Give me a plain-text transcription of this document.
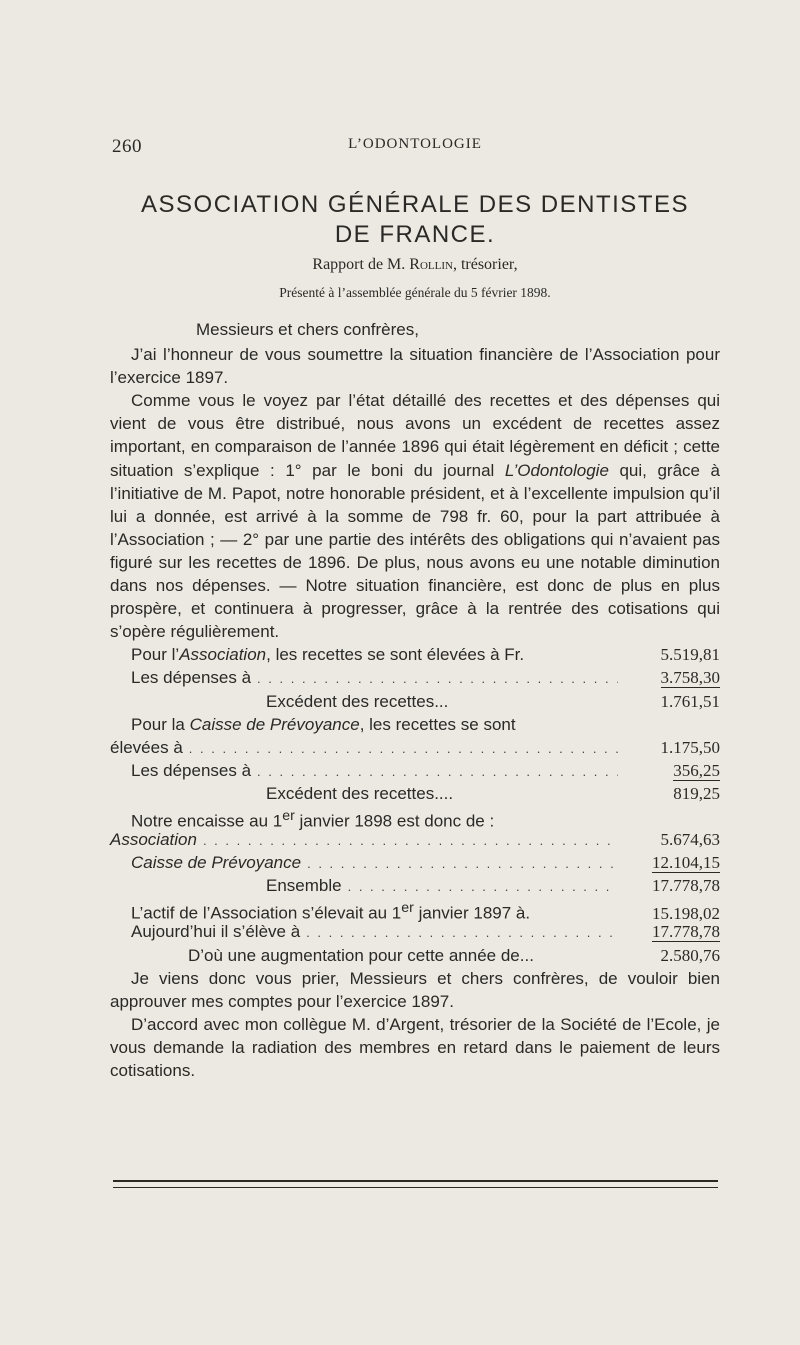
260	L’ODONTOLOGIE
ASSOCIATION GÉNÉRALE DES DENTISTES
DE FRANCE.
Rapport de M. Rollin, trésorier,
Présenté à l’assemblée générale du 5 février 1898.

Messieurs et chers confrères,

J’ai l’honneur de vous soumettre la situation financière de l’Association pour l’exercice 1897.

Comme vous le voyez par l’état détaillé des recettes et des dépenses qui vient de vous être distribué, nous avons un excédent de recettes assez important, en comparaison de l’année 1896 qui était légèrement en déficit ; cette situation s’explique : 1° par le boni du journal L’Odontologie qui, grâce à l’initiative de M. Papot, notre honorable président, et à l’excellente impulsion qu’il lui a donnée, est arrivé à la somme de 798 fr. 60, pour la part attribuée à l’Association ; — 2° par une partie des intérêts des obligations qui n’avaient pas figuré sur les recettes de 1896. De plus, nous avons eu une notable diminution dans nos dépenses. — Notre situation financière, est donc de plus en plus prospère, et continuera à progresser, grâce à la rentrée des cotisations qui s’opère régulièrement.

Pour l’Association, les recettes se sont élevées à Fr.	5.519,81
Les dépenses à . . .	3.758,30
Excédent des recettes...	1.761,51
Pour la Caisse de Prévoyance, les recettes se sont
élevées à . . .	1.175,50
Les dépenses à . . .	356,25
Excédent des recettes....	819,25
Notre encaisse au 1er janvier 1898 est donc de :
Association . . .	5.674,63
Caisse de Prévoyance . . .	12.104,15
Ensemble . . .	17.778,78
L’actif de l’Association s’élevait au 1er janvier 1897 à.	15.198,02
Aujourd’hui il s’élève à . . .	17.778,78
D’où une augmentation pour cette année de...	2.580,76

Je viens donc vous prier, Messieurs et chers confrères, de vouloir bien approuver mes comptes pour l’exercice 1897.

D’accord avec mon collègue M. d’Argent, trésorier de la Société de l’Ecole, je vous demande la radiation des membres en retard dans le paiement de leurs cotisations.
